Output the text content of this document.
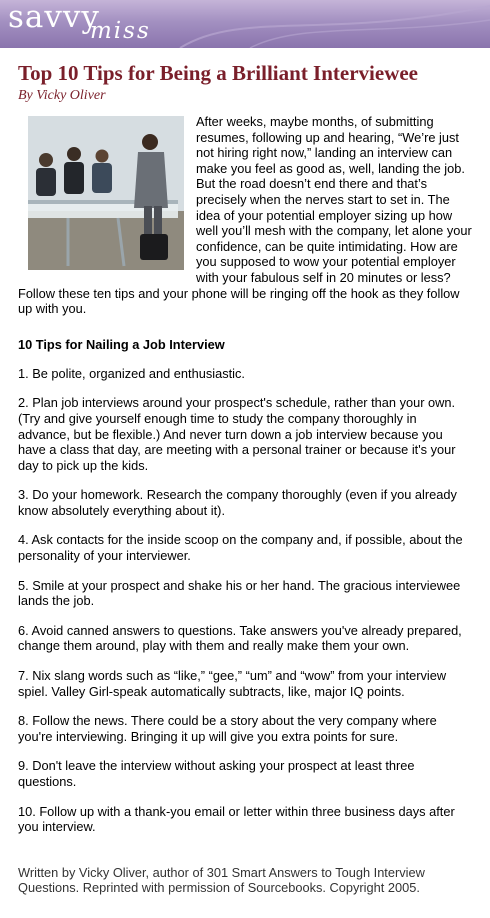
savvy
miss
Top 10 Tips for Being a Brilliant Interviewee
By Vicky Oliver
After weeks, maybe months, of submitting resumes, following up and hearing, “We’re just not hiring right now,” landing an interview can make you feel as good as, well, landing the job. But the road doesn’t end there and that’s precisely when the nerves start to set in. The idea of your potential employer sizing up how well you’ll mesh with the company, let alone your confidence, can be quite intimidating. How are you supposed to wow your potential employer with your fabulous self in 20 minutes or less? Follow these ten tips and your phone will be ringing off the hook as they follow up with you.
10 Tips for Nailing a Job Interview

1. Be polite, organized and enthusiastic.

2. Plan job interviews around your prospect's schedule, rather than your own. (Try and give yourself enough time to study the company thoroughly in advance, but be flexible.) And never turn down a job interview because you have a class that day, are meeting with a personal trainer or because it's your day to pick up the kids.

3. Do your homework. Research the company thoroughly (even if you already know absolutely everything about it).

4. Ask contacts for the inside scoop on the company and, if possible, about the personality of your interviewer.

5. Smile at your prospect and shake his or her hand. The gracious interviewee lands the job.

6. Avoid canned answers to questions. Take answers you've already prepared, change them around, play with them and really make them your own.

7. Nix slang words such as “like,” “gee,” “um” and “wow” from your interview spiel. Valley Girl-speak automatically subtracts, like, major IQ points.

8. Follow the news. There could be a story about the very company where you're interviewing. Bringing it up will give you extra points for sure.

9. Don't leave the interview without asking your prospect at least three questions.

10. Follow up with a thank-you email or letter within three business days after you interview.

Written by Vicky Oliver, author of 301 Smart Answers to Tough Interview Questions. Reprinted with permission of Sourcebooks. Copyright 2005.
